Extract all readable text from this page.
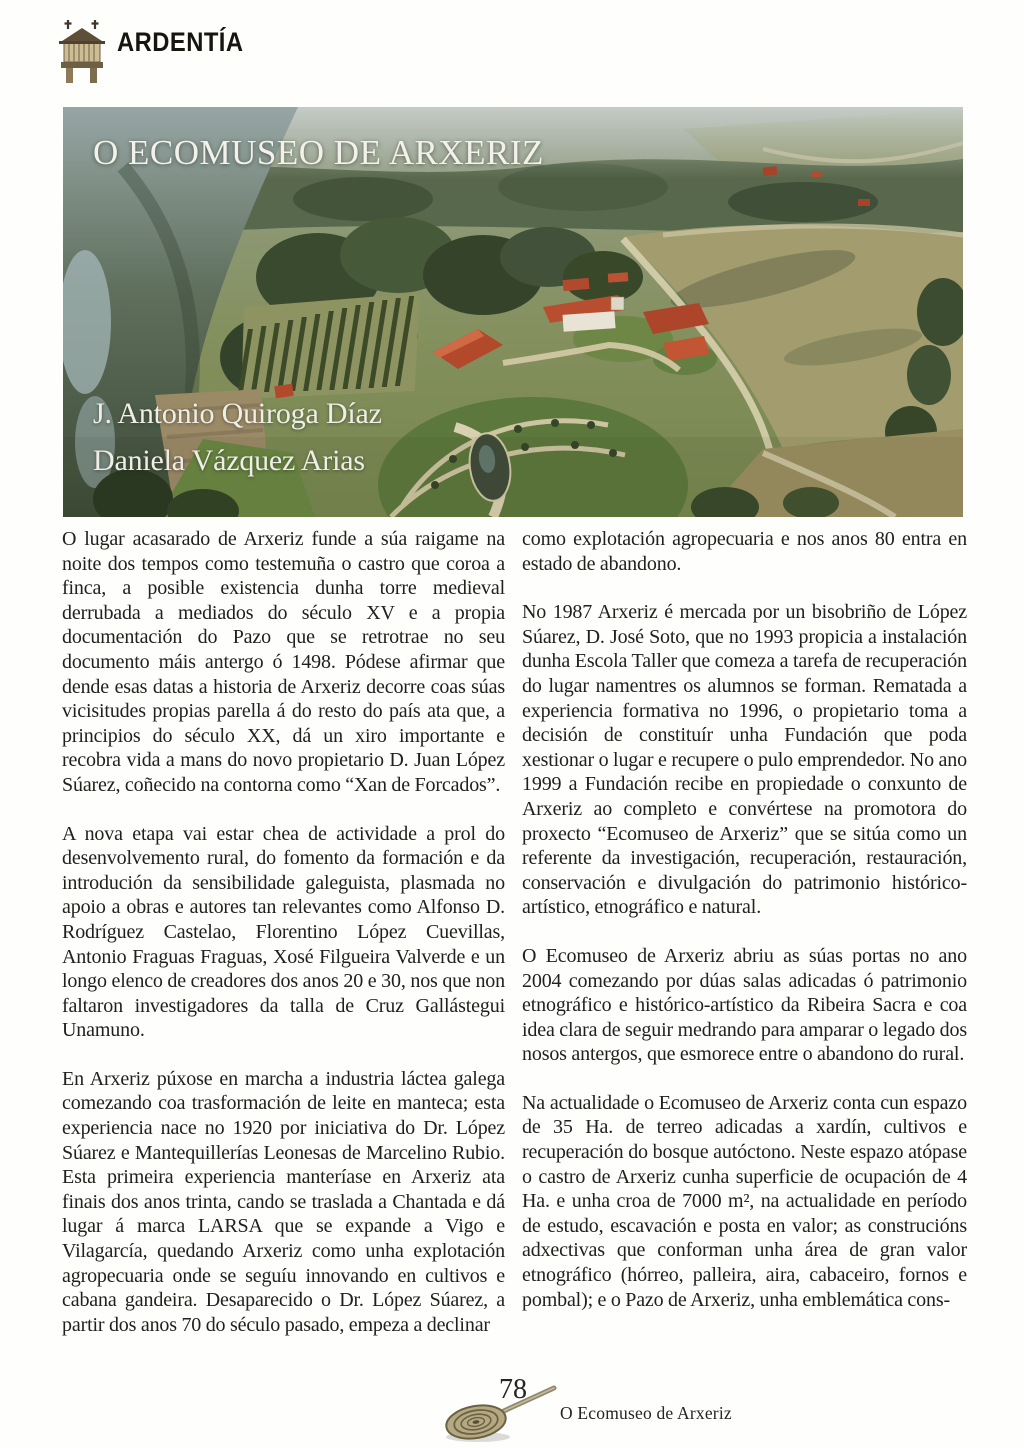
ARDENTÍA
O ECOMUSEO DE ARXERIZ
J. Antonio Quiroga Díaz
Daniela Vázquez Arias

O lugar acasarado de Arxeriz funde a súa raigame na noite dos tempos como testemuña o castro que coroa a finca, a posible existencia dunha torre medieval derrubada a mediados do século XV e a propia documentación do Pazo que se retrotrae no seu documento máis antergo ó 1498. Pódese afirmar que dende esas datas a historia de Arxeriz decorre coas súas vicisitudes propias parella á do resto do país ata que, a principios do século XX, dá un xiro importante e recobra vida a mans do novo propietario D. Juan López Súarez, coñecido na contorna como “Xan de Forcados”.

A nova etapa vai estar chea de actividade a prol do desenvolvemento rural, do fomento da formación e da introdución da sensibilidade galeguista, plasmada no apoio a obras e autores tan relevantes como Alfonso D. Rodríguez Castelao, Florentino López Cuevillas, Antonio Fraguas Fraguas, Xosé Filgueira Valverde e un longo elenco de creadores dos anos 20 e 30, nos que non faltaron investigadores da talla de Cruz Gallástegui Unamuno.

En Arxeriz púxose en marcha a industria láctea galega comezando coa trasformación de leite en manteca; esta experiencia nace no 1920 por iniciativa do Dr. López Súarez e Mantequillerías Leonesas de Marcelino Rubio. Esta primeira experiencia manteríase en Arxeriz ata finais dos anos trinta, cando se traslada a Chantada e dá lugar á marca LARSA que se expande a Vigo e Vilagarcía, quedando Arxeriz como unha explotación agropecuaria onde se seguíu innovando en cultivos e cabana gandeira. Desaparecido o Dr. López Súarez, a partir dos anos 70 do século pasado, empeza a declinar

como explotación agropecuaria e nos anos 80 entra en estado de abandono.

No 1987 Arxeriz é mercada por un bisobriño de López Súarez, D. José Soto, que no 1993 propicia a instalación dunha Escola Taller que comeza a tarefa de recuperación do lugar namentres os alumnos se forman. Rematada a experiencia formativa no 1996, o propietario toma a decisión de constituír unha Fundación que poda xestionar o lugar e recupere o pulo emprendedor. No ano 1999 a Fundación recibe en propiedade o conxunto de Arxeriz ao completo e convértese na promotora do proxecto “Ecomuseo de Arxeriz” que se sitúa como un referente da investigación, recuperación, restauración, conservación e divulgación do patrimonio histórico-artístico, etnográfico e natural.

O Ecomuseo de Arxeriz abriu as súas portas no ano 2004 comezando por dúas salas adicadas ó patrimonio etnográfico e histórico-artístico da Ribeira Sacra e coa idea clara de seguir medrando para amparar o legado dos nosos antergos, que esmorece entre o abandono do rural.

Na actualidade o Ecomuseo de Arxeriz conta cun espazo de 35 Ha. de terreo adicadas a xardín, cultivos e recuperación do bosque autóctono. Neste espazo atópase o castro de Arxeriz cunha superficie de ocupación de 4 Ha. e unha croa de 7000 m², na actualidade en período de estudo, escavación e posta en valor; as construcións adxectivas que conforman unha área de gran valor etnográfico (hórreo, palleira, aira, cabaceiro, fornos e pombal); e o Pazo de Arxeriz, unha emblemática cons-

78
O Ecomuseo de Arxeriz
